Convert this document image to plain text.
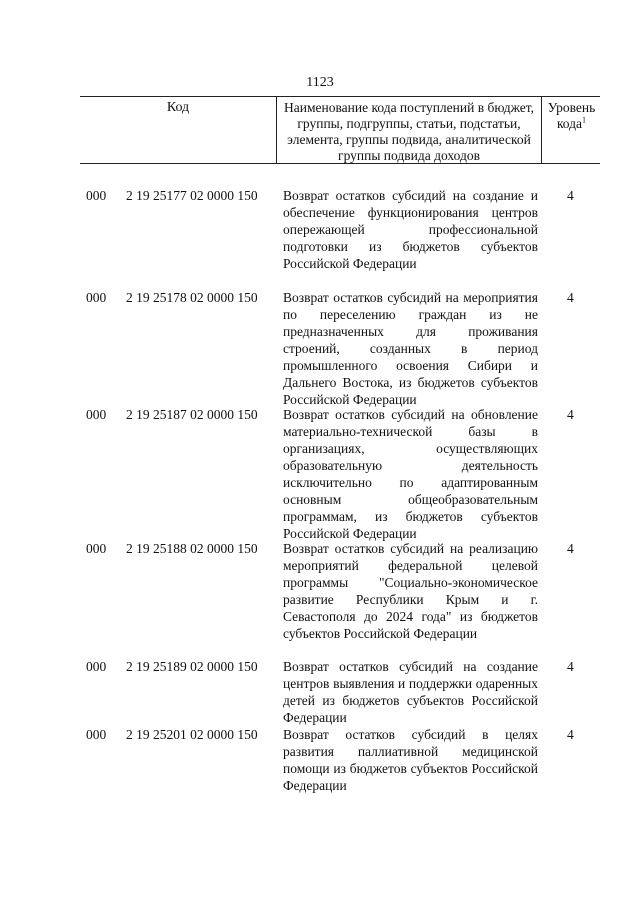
1123
Код	Наименование кода поступлений в бюджет, группы, подгруппы, статьи, подстатьи, элемента, группы подвида, аналитической группы подвида доходов
Уровень кода$^1$
000 2 19 25177 02 0000 150 Возврат остатков субсидий на создание и обеспечение функционирования центров опережающей профессиональной подготовки из бюджетов субъектов Российской Федерации
4
000 2 19 25178 02 0000 150 Возврат остатков субсидий на мероприятия по переселению граждан из не предназначенных для проживания строений, созданных в период промышленного освоения Сибири и Дальнего Востока, из бюджетов субъектов Российской Федерации
4
000 2 19 25187 02 0000 150 Возврат остатков субсидий на обновление материально-технической базы в организациях, осуществляющих образовательную деятельность исключительно по адаптированным основным общеобразовательным программам, из бюджетов субъектов Российской Федерации
4
000 2 19 25188 02 0000 150 Возврат остатков субсидий на реализацию мероприятий федеральной целевой программы "Социально-экономическое развитие Республики Крым и г. Севастополя до 2024 года" из бюджетов субъектов Российской Федерации
4
000 2 19 25189 02 0000 150 Возврат остатков субсидий на создание центров выявления и поддержки одаренных детей из бюджетов субъектов Российской Федерации
4
000 2 19 25201 02 0000 150 Возврат остатков субсидий в целях развития паллиативной медицинской помощи из бюджетов субъектов Российской Федерации
4
